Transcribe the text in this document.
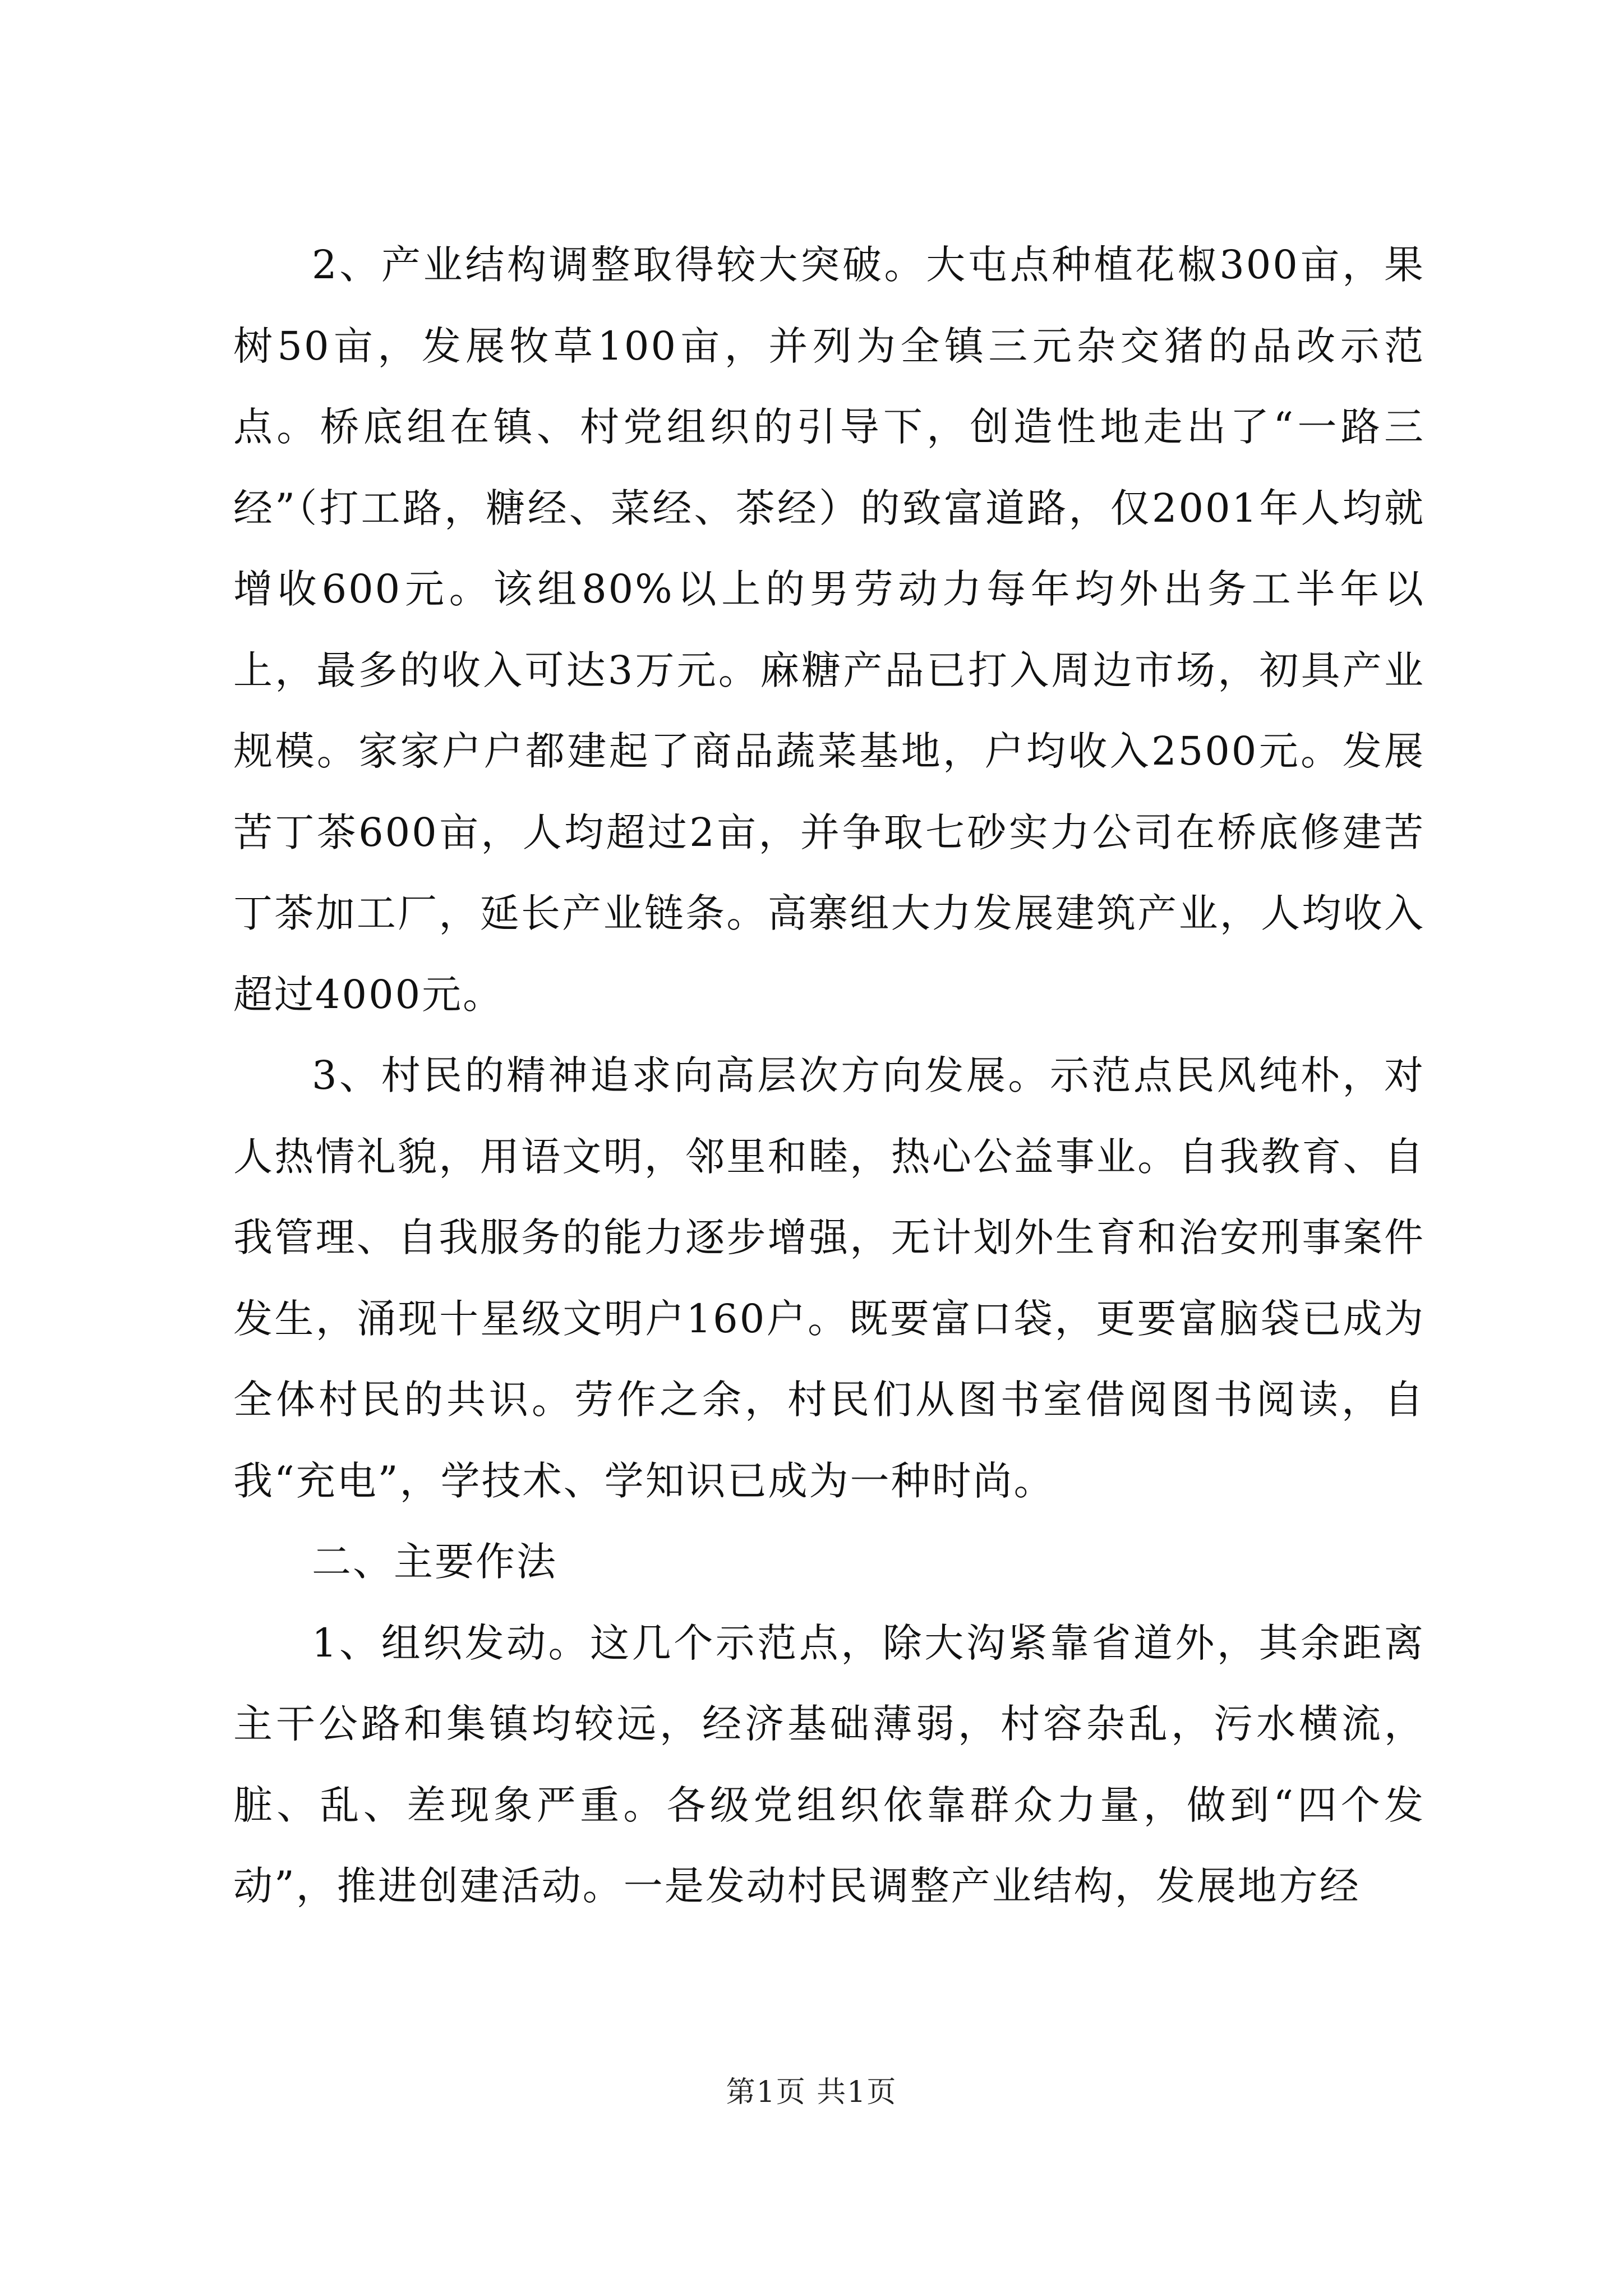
2、产业结构调整取得较大突破。大屯点种植花椒300亩，果树50亩，发展牧草100亩，并列为全镇三元杂交猪的品改示范点。桥底组在镇、村党组织的引导下，创造性地走出了“一路三经”（打工路，糖经、菜经、茶经）的致富道路，仅2001年人均就增收600元。该组80%以上的男劳动力每年均外出务工半年以上，最多的收入可达3万元。麻糖产品已打入周边市场，初具产业规模。家家户户都建起了商品蔬菜基地，户均收入2500元。发展苦丁茶600亩，人均超过2亩，并争取七砂实力公司在桥底修建苦丁茶加工厂，延长产业链条。高寨组大力发展建筑产业，人均收入超过4000元。

3、村民的精神追求向高层次方向发展。示范点民风纯朴，对人热情礼貌，用语文明，邻里和睦，热心公益事业。自我教育、自我管理、自我服务的能力逐步增强，无计划外生育和治安刑事案件发生，涌现十星级文明户160户。既要富口袋，更要富脑袋已成为全体村民的共识。劳作之余，村民们从图书室借阅图书阅读，自我“充电”，学技术、学知识已成为一种时尚。

二、主要作法

1、组织发动。这几个示范点，除大沟紧靠省道外，其余距离主干公路和集镇均较远，经济基础薄弱，村容杂乱，污水横流，脏、乱、差现象严重。各级党组织依靠群众力量，做到“四个发动”，推进创建活动。一是发动村民调整产业结构，发展地方经

第1页 共1页
